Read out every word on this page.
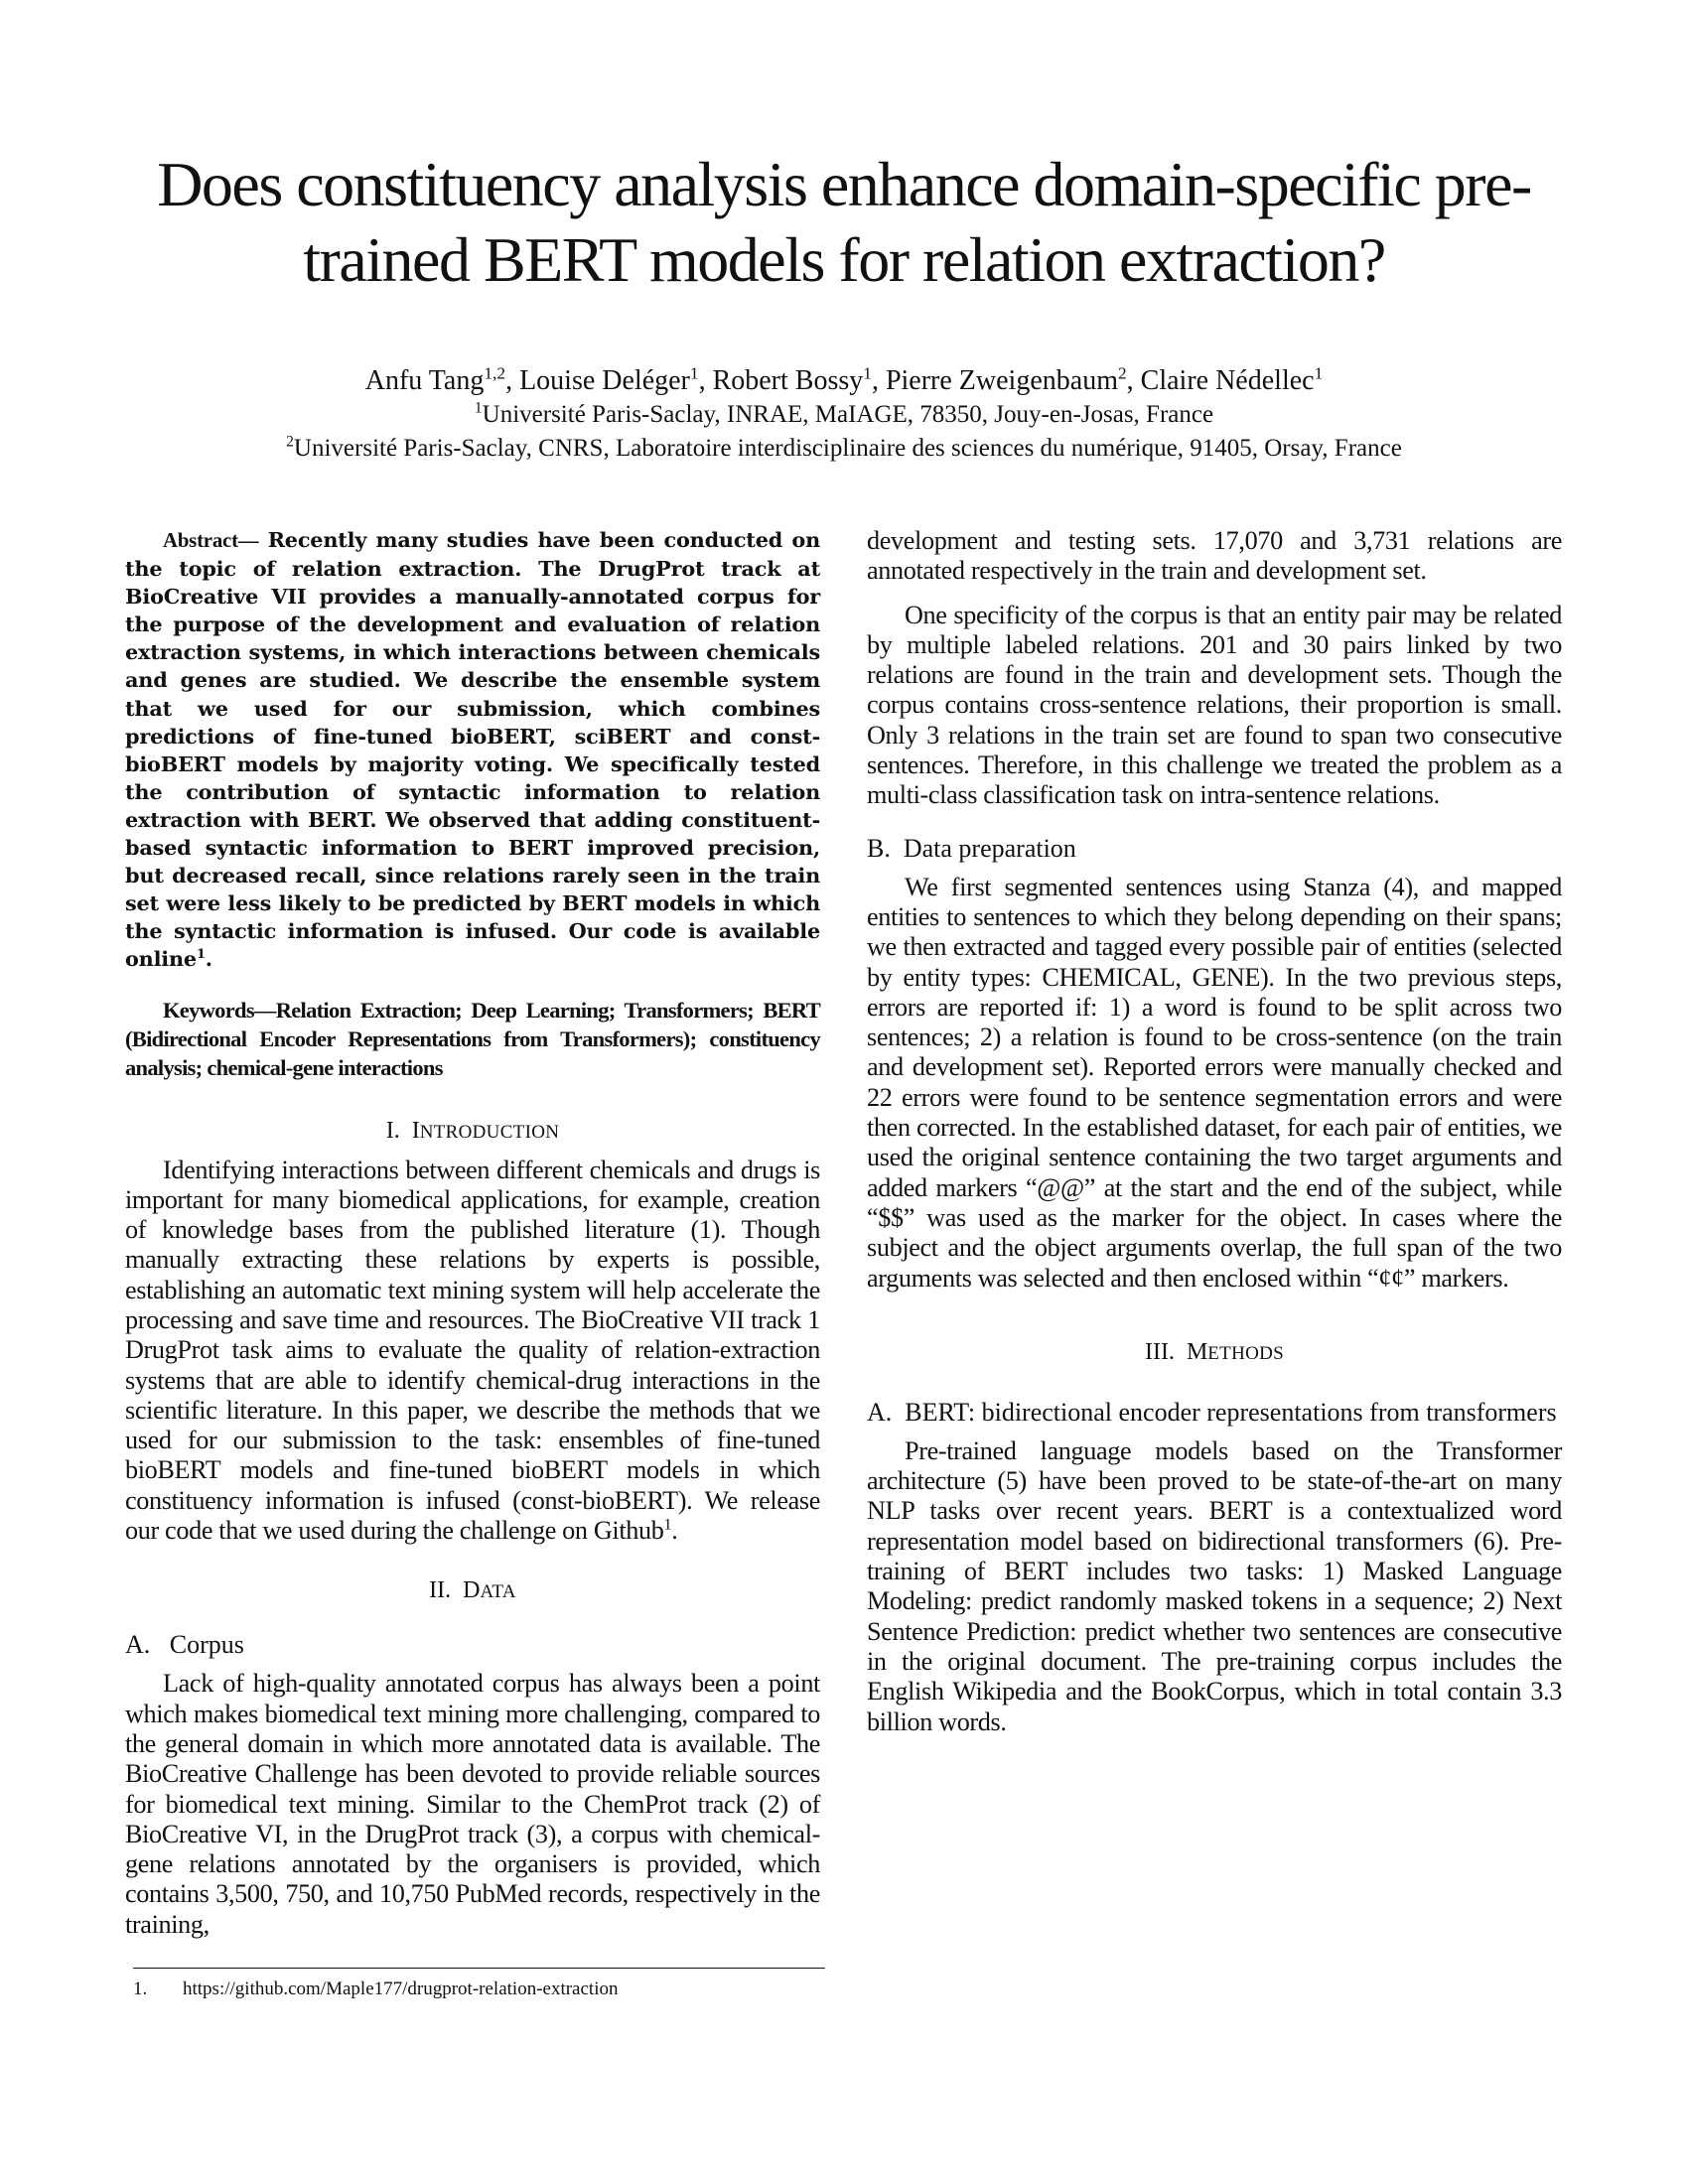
Does constituency analysis enhance domain-specific pre-trained BERT models for relation extraction?
Anfu Tang$^{1,2}$, Louise Deléger$^1$, Robert Bossy$^1$, Pierre Zweigenbaum$^2$, Claire Nédellec$^1$
$^1$Université Paris-Saclay, INRAE, MaIAGE, 78350, Jouy-en-Josas, France
$^2$Université Paris-Saclay, CNRS, Laboratoire interdisciplinaire des sciences du numérique, 91405, Orsay, France

Abstract— Recently many studies have been conducted on the topic of relation extraction. The DrugProt track at BioCreative VII provides a manually-annotated corpus for the purpose of the development and evaluation of relation extraction systems, in which interactions between chemicals and genes are studied. We describe the ensemble system that we used for our submission, which combines predictions of fine-tuned bioBERT, sciBERT and const-bioBERT models by majority voting. We specifically tested the contribution of syntactic information to relation extraction with BERT. We observed that adding constituent-based syntactic information to BERT improved precision, but decreased recall, since relations rarely seen in the train set were less likely to be predicted by BERT models in which the syntactic information is infused. Our code is available online$^1$.

Keywords—Relation Extraction; Deep Learning; Transformers; BERT (Bidirectional Encoder Representations from Transformers); constituency analysis; chemical-gene interactions

I. INTRODUCTION

Identifying interactions between different chemicals and drugs is important for many biomedical applications, for example, creation of knowledge bases from the published literature (1). Though manually extracting these relations by experts is possible, establishing an automatic text mining system will help accelerate the processing and save time and resources. The BioCreative VII track 1 DrugProt task aims to evaluate the quality of relation-extraction systems that are able to identify chemical-drug interactions in the scientific literature. In this paper, we describe the methods that we used for our submission to the task: ensembles of fine-tuned bioBERT models and fine-tuned bioBERT models in which constituency information is infused (const-bioBERT). We release our code that we used during the challenge on Github$^1$.

II. DATA
A. Corpus

Lack of high-quality annotated corpus has always been a point which makes biomedical text mining more challenging, compared to the general domain in which more annotated data is available. The BioCreative Challenge has been devoted to provide reliable sources for biomedical text mining. Similar to the ChemProt track (2) of BioCreative VI, in the DrugProt track (3), a corpus with chemical-gene relations annotated by the organisers is provided, which contains 3,500, 750, and 10,750 PubMed records, respectively in the training,

development and testing sets. 17,070 and 3,731 relations are annotated respectively in the train and development set.

One specificity of the corpus is that an entity pair may be related by multiple labeled relations. 201 and 30 pairs linked by two relations are found in the train and development sets. Though the corpus contains cross-sentence relations, their proportion is small. Only 3 relations in the train set are found to span two consecutive sentences. Therefore, in this challenge we treated the problem as a multi-class classification task on intra-sentence relations.

B. Data preparation

We first segmented sentences using Stanza (4), and mapped entities to sentences to which they belong depending on their spans; we then extracted and tagged every possible pair of entities (selected by entity types: CHEMICAL, GENE). In the two previous steps, errors are reported if: 1) a word is found to be split across two sentences; 2) a relation is found to be cross-sentence (on the train and development set). Reported errors were manually checked and 22 errors were found to be sentence segmentation errors and were then corrected. In the established dataset, for each pair of entities, we used the original sentence containing the two target arguments and added markers “@@” at the start and the end of the subject, while “$$” was used as the marker for the object. In cases where the subject and the object arguments overlap, the full span of the two arguments was selected and then enclosed within “¢¢” markers.

III. METHODS
A. BERT: bidirectional encoder representations from transformers

Pre-trained language models based on the Transformer architecture (5) have been proved to be state-of-the-art on many NLP tasks over recent years. BERT is a contextualized word representation model based on bidirectional transformers (6). Pre-training of BERT includes two tasks: 1) Masked Language Modeling: predict randomly masked tokens in a sequence; 2) Next Sentence Prediction: predict whether two sentences are consecutive in the original document. The pre-training corpus includes the English Wikipedia and the BookCorpus, which in total contain 3.3 billion words.

1. https://github.com/Maple177/drugprot-relation-extraction
